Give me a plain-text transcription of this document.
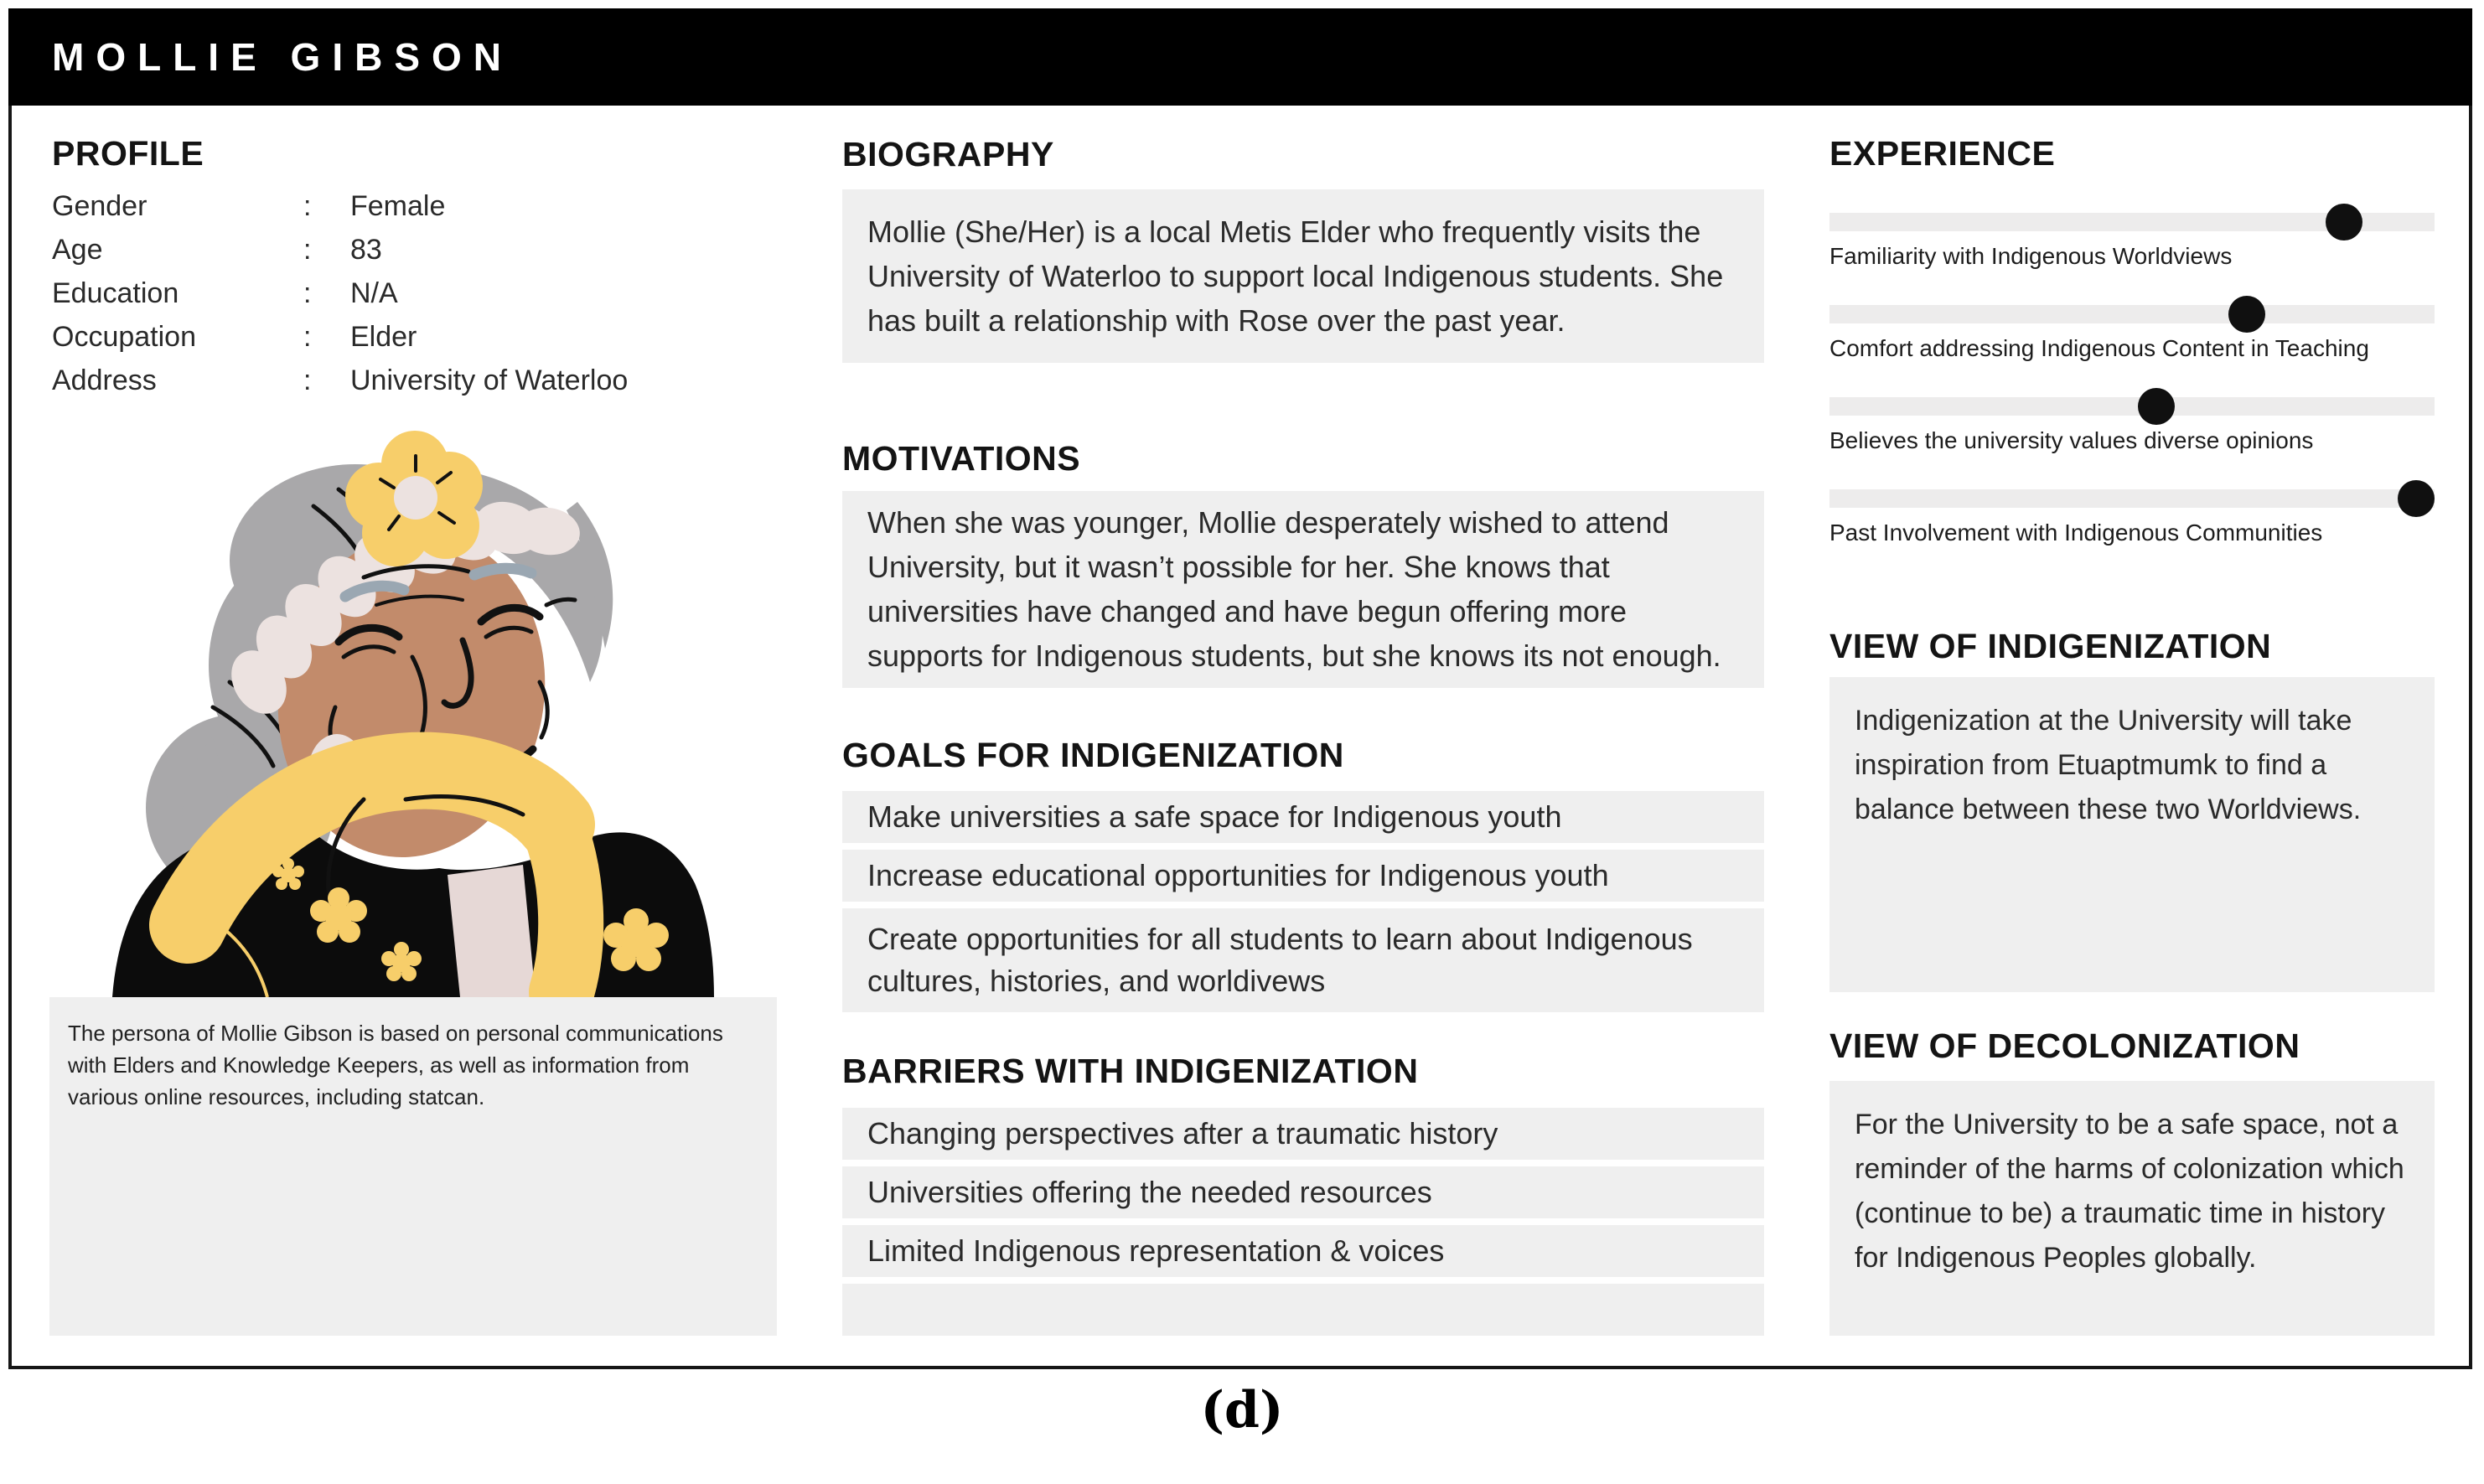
MOLLIE GIBSON
PROFILE
Gender	:	Female
Age	:	83
Education	:	N/A
Occupation	:	Elder
Address	:	University of Waterloo

The persona of Mollie Gibson is based on personal communications with Elders and Knowledge Keepers, as well as information from various online resources, including statcan.

BIOGRAPHY
Mollie (She/Her) is a local Metis Elder who frequently visits the University of Waterloo to support local Indigenous students. She has built a relationship with Rose over the past year.
MOTIVATIONS
When she was younger, Mollie desperately wished to attend University, but it wasn’t possible for her. She knows that universities have changed and have begun offering more supports for Indigenous students, but she knows its not enough.
GOALS FOR INDIGENIZATION
Make universities a safe space for Indigenous youth
Increase educational opportunities for Indigenous youth
Create opportunities for all students to learn about Indigenous cultures, histories, and worldivews
BARRIERS WITH INDIGENIZATION
Changing perspectives after a traumatic history
Universities offering the needed resources
Limited Indigenous representation & voices
EXPERIENCE
Familiarity with Indigenous Worldviews
Comfort addressing Indigenous Content in Teaching
Believes the university values diverse opinions
Past Involvement with Indigenous Communities
VIEW OF INDIGENIZATION
Indigenization at the University will take inspiration from Etuaptmumk to find a balance between these two Worldviews.
VIEW OF DECOLONIZATION
For the University to be a safe space, not a reminder of the harms of colonization which (continue to be) a traumatic time in history for Indigenous Peoples globally.
(d)
